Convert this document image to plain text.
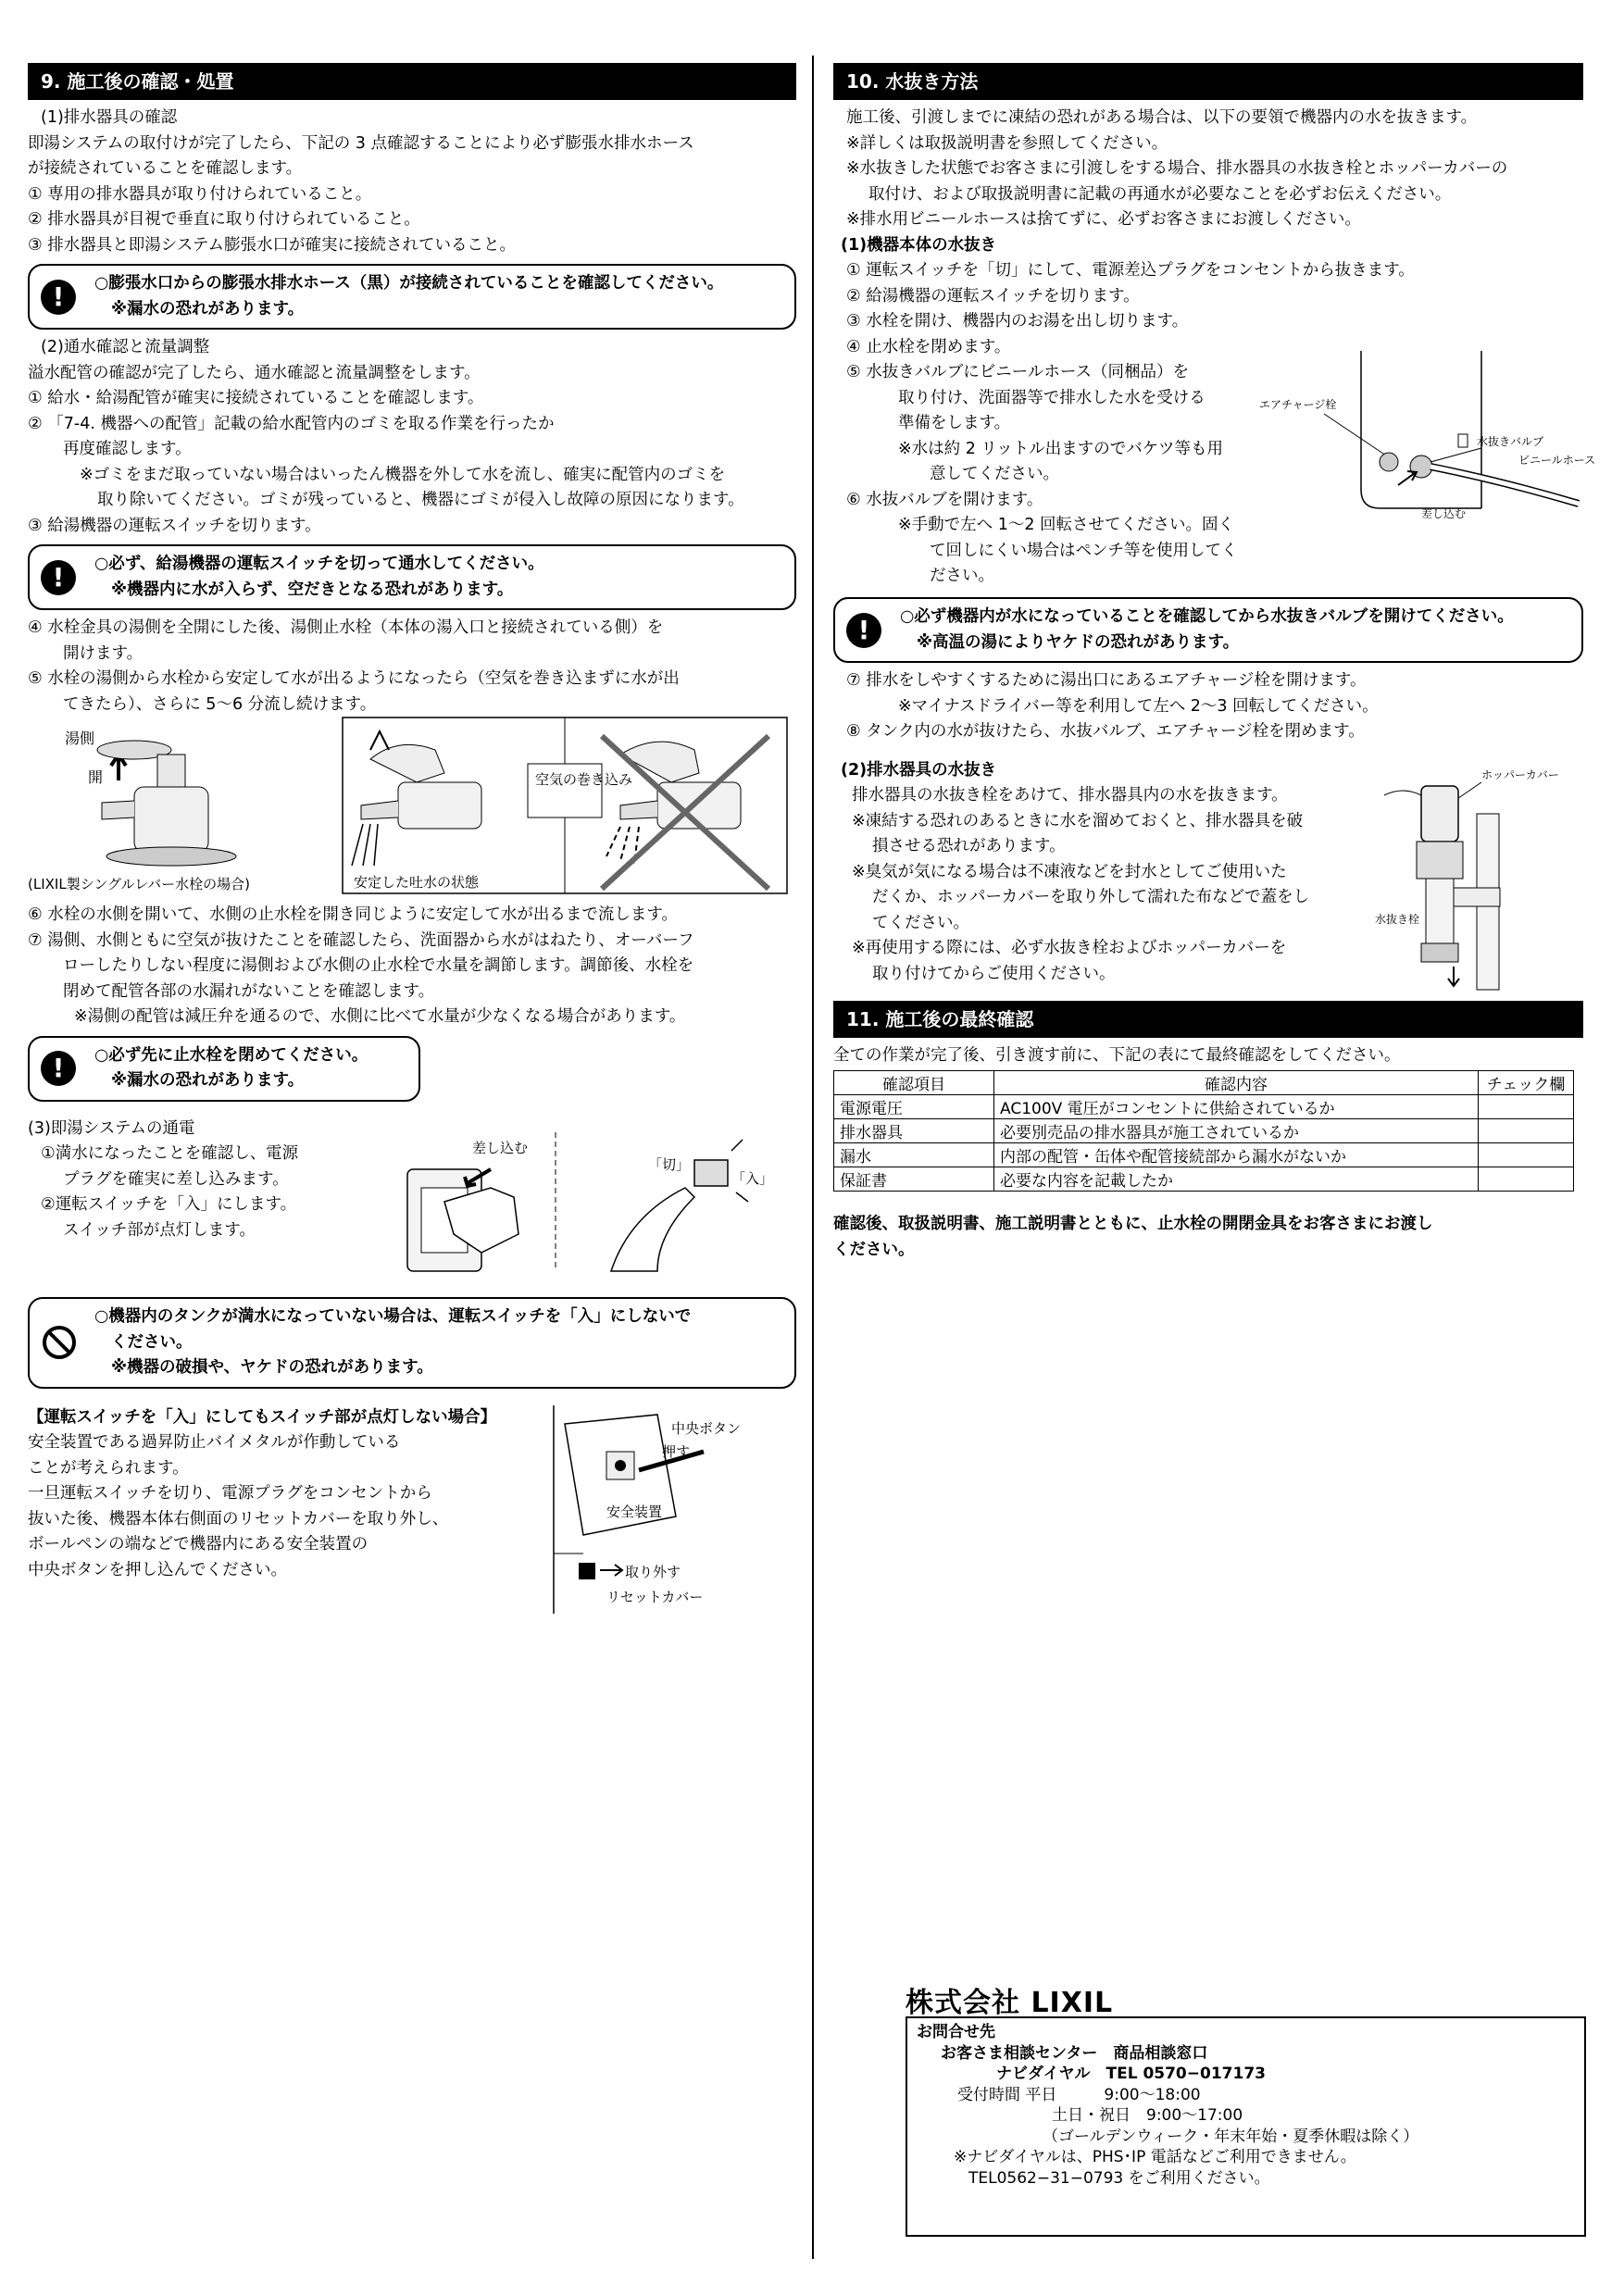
9. 施工後の確認・処置
(1)排水器具の確認
即湯システムの取付けが完了したら、下記の 3 点確認することにより必ず膨張水排水ホース
が接続されていることを確認します。
① 専用の排水器具が取り付けられていること。
② 排水器具が目視で垂直に取り付けられていること。
③ 排水器具と即湯システム膨張水口が確実に接続されていること。
!	○膨張水口からの膨張水排水ホース（黒）が接続されていることを確認してください。
※漏水の恐れがあります。
(2)通水確認と流量調整
溢水配管の確認が完了したら、通水確認と流量調整をします。
① 給水・給湯配管が確実に接続されていることを確認します。
② 「7-4. 機器への配管」記載の給水配管内のゴミを取る作業を行ったか
再度確認します。
※ゴミをまだ取っていない場合はいったん機器を外して水を流し、確実に配管内のゴミを
取り除いてください。ゴミが残っていると、機器にゴミが侵入し故障の原因になります。
③ 給湯機器の運転スイッチを切ります。
!	○必ず、給湯機器の運転スイッチを切って通水してください。
※機器内に水が入らず、空だきとなる恐れがあります。
④ 水栓金具の湯側を全開にした後、湯側止水栓（本体の湯入口と接続されている側）を
開けます。
⑤ 水栓の湯側から水栓から安定して水が出るようになったら（空気を巻き込まずに水が出
てきたら）、さらに 5〜6 分流し続けます。
湯側
開
(LIXIL製シングルレバー水栓の場合)	安定した吐水の状態
空気の巻き込み
⑥ 水栓の水側を開いて、水側の止水栓を開き同じように安定して水が出るまで流します。
⑦ 湯側、水側ともに空気が抜けたことを確認したら、洗面器から水がはねたり、オーバーフ
ローしたりしない程度に湯側および水側の止水栓で水量を調節します。調節後、水栓を
閉めて配管各部の水漏れがないことを確認します。
※湯側の配管は減圧弁を通るので、水側に比べて水量が少なくなる場合があります。
!	○必ず先に止水栓を閉めてください。
※漏水の恐れがあります。
(3)即湯システムの通電
①満水になったことを確認し、電源
プラグを確実に差し込みます。
②運転スイッチを「入」にします。
スイッチ部が点灯します。
差し込む
「切」
「入」
○機器内のタンクが満水になっていない場合は、運転スイッチを「入」にしないで
ください。
※機器の破損や、ヤケドの恐れがあります。
【運転スイッチを「入」にしてもスイッチ部が点灯しない場合】
安全装置である過昇防止バイメタルが作動している
ことが考えられます。
一旦運転スイッチを切り、電源プラグをコンセントから
抜いた後、機器本体右側面のリセットカバーを取り外し、
ボールペンの端などで機器内にある安全装置の
中央ボタンを押し込んでください。
中央ボタン
押す
安全装置
取り外す
リセットカバー
10. 水抜き方法
施工後、引渡しまでに凍結の恐れがある場合は、以下の要領で機器内の水を抜きます。
※詳しくは取扱説明書を参照してください。
※水抜きした状態でお客さまに引渡しをする場合、排水器具の水抜き栓とホッパーカバーの
取付け、および取扱説明書に記載の再通水が必要なことを必ずお伝えください。
※排水用ビニールホースは捨てずに、必ずお客さまにお渡しください。
(1)機器本体の水抜き
① 運転スイッチを「切」にして、電源差込プラグをコンセントから抜きます。
② 給湯機器の運転スイッチを切ります。
③ 水栓を開け、機器内のお湯を出し切ります。
④ 止水栓を閉めます。
⑤ 水抜きバルブにビニールホース（同梱品）を
取り付け、洗面器等で排水した水を受ける
準備をします。
※水は約 2 リットル出ますのでバケツ等も用
意してください。
⑥ 水抜バルブを開けます。
※手動で左へ 1〜2 回転させてください。固く
て回しにくい場合はペンチ等を使用してく
ださい。
エアチャージ栓
水抜きバルブ
ビニールホース
差し込む
!	○必ず機器内が水になっていることを確認してから水抜きバルブを開けてください。
※高温の湯によりヤケドの恐れがあります。
⑦ 排水をしやすくするために湯出口にあるエアチャージ栓を開けます。
※マイナスドライバー等を利用して左へ 2〜3 回転してください。
⑧ タンク内の水が抜けたら、水抜バルブ、エアチャージ栓を閉めます。
(2)排水器具の水抜き
排水器具の水抜き栓をあけて、排水器具内の水を抜きます。
※凍結する恐れのあるときに水を溜めておくと、排水器具を破
損させる恐れがあります。
※臭気が気になる場合は不凍液などを封水としてご使用いた
だくか、ホッパーカバーを取り外して濡れた布などで蓋をし
てください。
※再使用する際には、必ず水抜き栓およびホッパーカバーを
取り付けてからご使用ください。
ホッパーカバー
水抜き栓
11. 施工後の最終確認
全ての作業が完了後、引き渡す前に、下記の表にて最終確認をしてください。
確認項目	確認内容	チェック欄
電源電圧	AC100V 電圧がコンセントに供給されているか	
排水器具	必要別売品の排水器具が施工されているか	
漏水	内部の配管・缶体や配管接続部から漏水がないか	
保証書	必要な内容を記載したか	
確認後、取扱説明書、施工説明書とともに、止水栓の開閉金具をお客さまにお渡し
ください。
株式会社 LIXIL
お問合せ先
お客さま相談センター　商品相談窓口
ナビダイヤル　TEL 0570−017173
受付時間 平日　　　9:00〜18:00
土日・祝日　9:00〜17:00
（ゴールデンウィーク・年末年始・夏季休暇は除く）
※ナビダイヤルは、PHS･IP 電話などご利用できません。
TEL0562−31−0793 をご利用ください。
